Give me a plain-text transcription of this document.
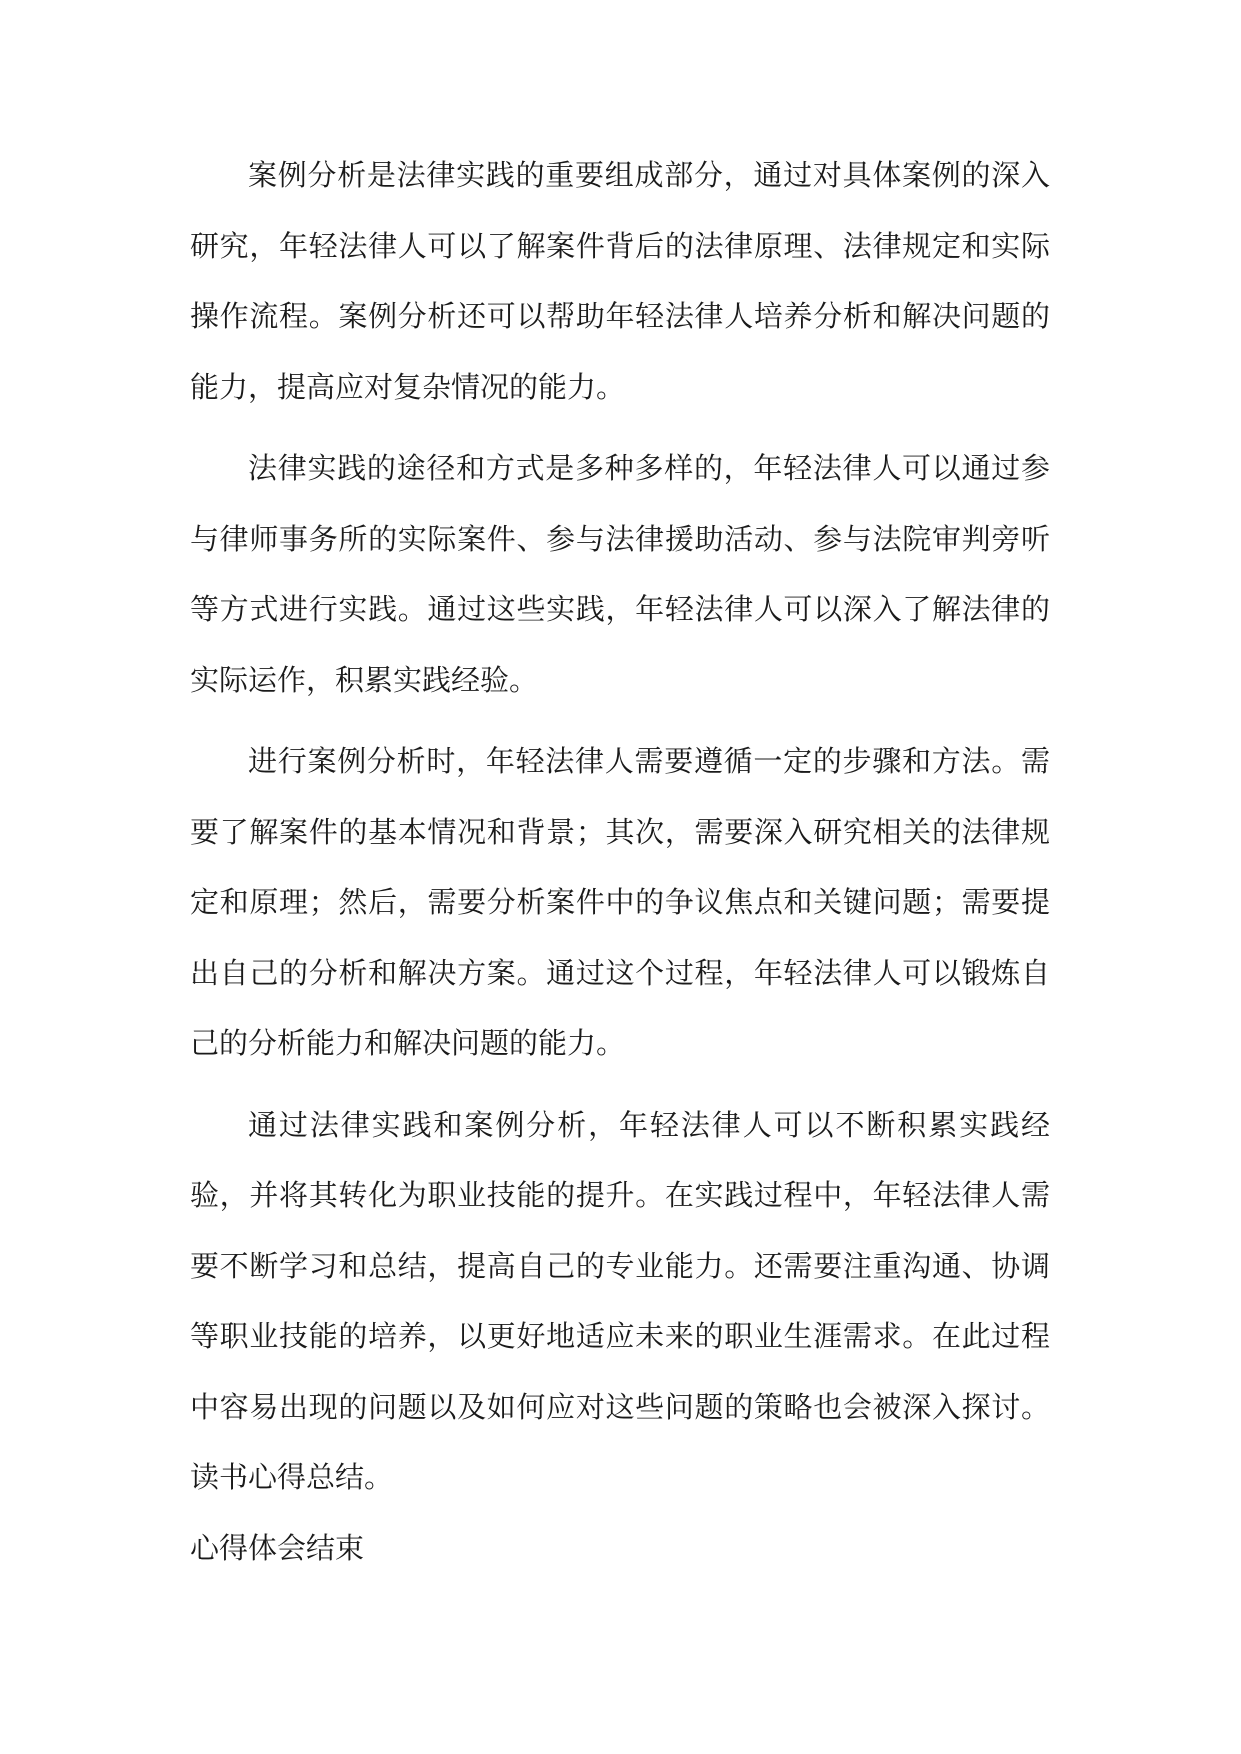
案例分析是法律实践的重要组成部分，通过对具体案例的深入研究，年轻法律人可以了解案件背后的法律原理、法律规定和实际操作流程。案例分析还可以帮助年轻法律人培养分析和解决问题的能力，提高应对复杂情况的能力。

法律实践的途径和方式是多种多样的，年轻法律人可以通过参与律师事务所的实际案件、参与法律援助活动、参与法院审判旁听等方式进行实践。通过这些实践，年轻法律人可以深入了解法律的实际运作，积累实践经验。

进行案例分析时，年轻法律人需要遵循一定的步骤和方法。需要了解案件的基本情况和背景；其次，需要深入研究相关的法律规定和原理；然后，需要分析案件中的争议焦点和关键问题；需要提出自己的分析和解决方案。通过这个过程，年轻法律人可以锻炼自己的分析能力和解决问题的能力。

通过法律实践和案例分析，年轻法律人可以不断积累实践经验，并将其转化为职业技能的提升。在实践过程中，年轻法律人需要不断学习和总结，提高自己的专业能力。还需要注重沟通、协调等职业技能的培养，以更好地适应未来的职业生涯需求。在此过程中容易出现的问题以及如何应对这些问题的策略也会被深入探讨。读书心得总结。

心得体会结束
